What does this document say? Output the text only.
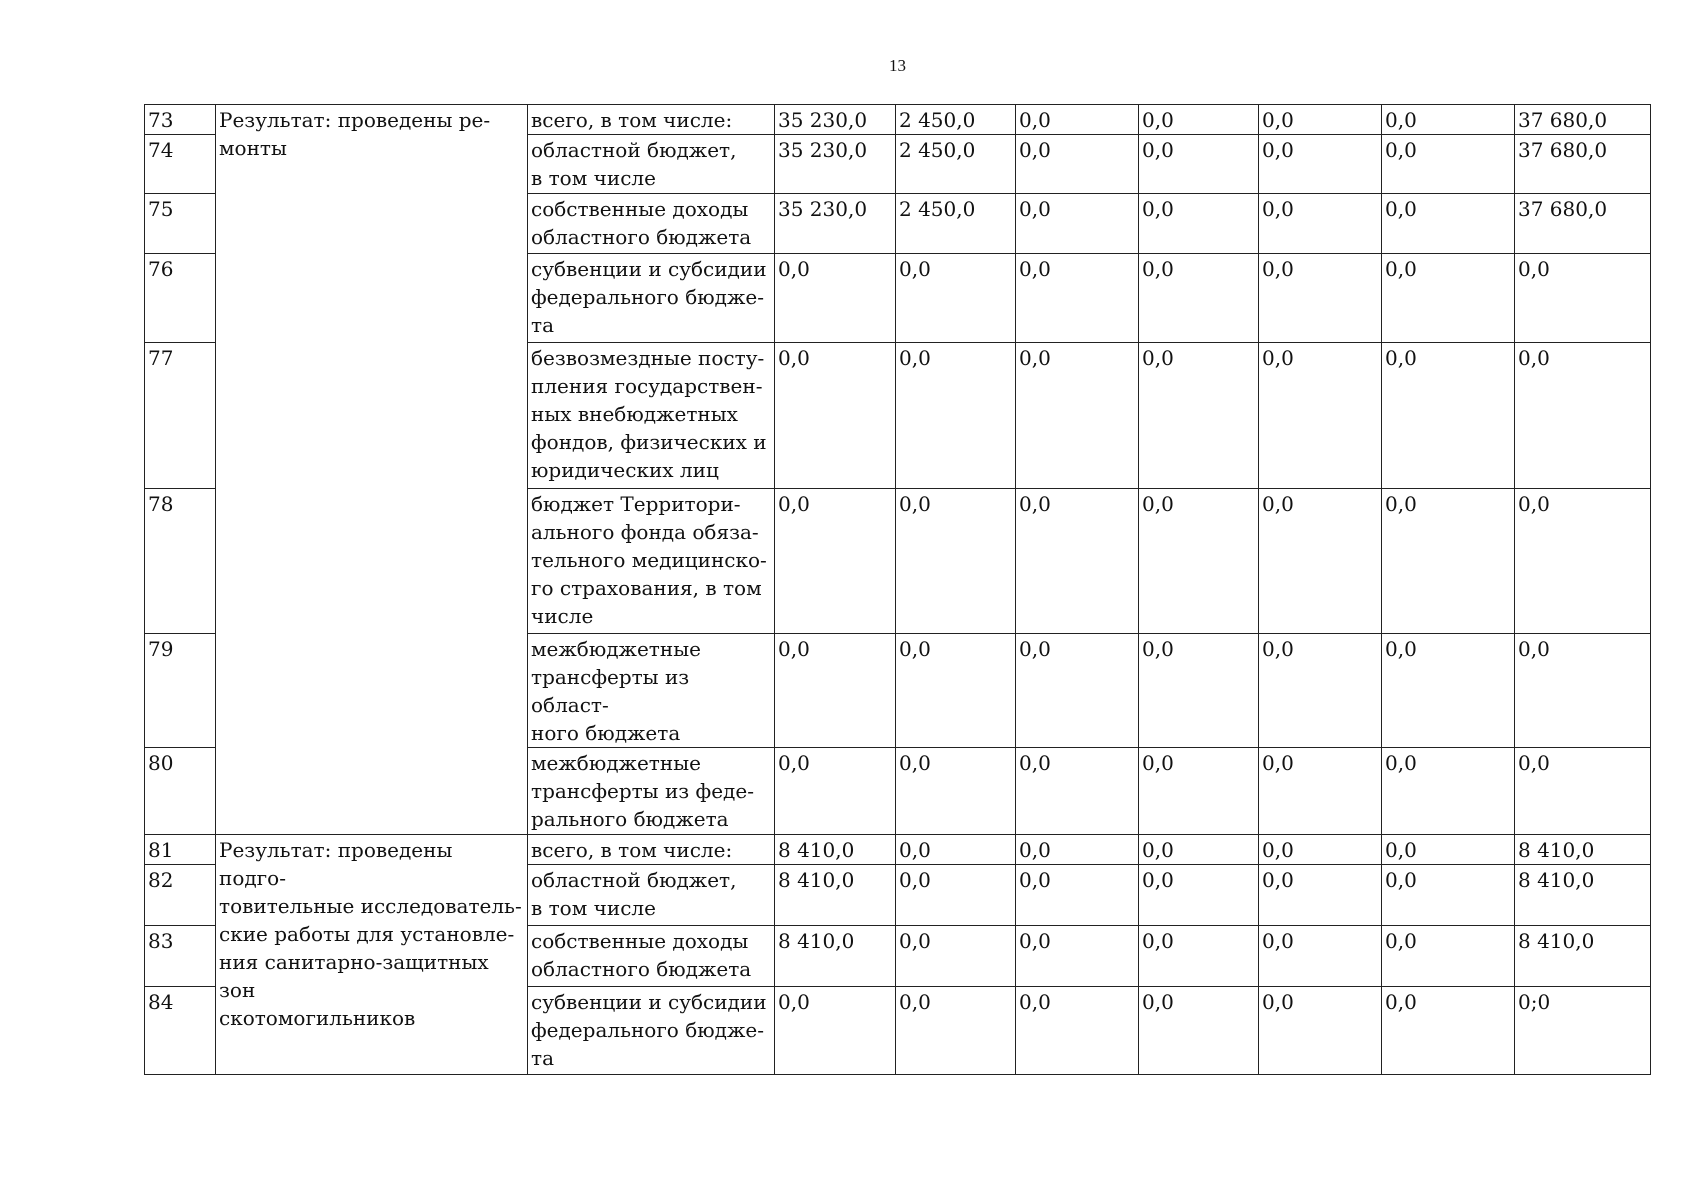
13
73	Результат: проведены ре-
монты	всего, в том числе:	35 230,0	2 450,0	0,0	0,0	0,0	0,0	37 680,0
74		областной бюджет,
в том числе	35 230,0	2 450,0	0,0	0,0	0,0	0,0	37 680,0
75		собственные доходы
областного бюджета	35 230,0	2 450,0	0,0	0,0	0,0	0,0	37 680,0
76		субвенции и субсидии
федерального бюдже-
та	0,0	0,0	0,0	0,0	0,0	0,0	0,0
77		безвозмездные посту-
пления государствен-
ных внебюджетных
фондов, физических и
юридических лиц	0,0	0,0	0,0	0,0	0,0	0,0	0,0
78		бюджет Территори-
ального фонда обяза-
тельного медицинско-
го страхования, в том
числе	0,0	0,0	0,0	0,0	0,0	0,0	0,0
79		межбюджетные
трансферты из област-
ного бюджета	0,0	0,0	0,0	0,0	0,0	0,0	0,0
80		межбюджетные
трансферты из феде-
рального бюджета	0,0	0,0	0,0	0,0	0,0	0,0	0,0
81	Результат: проведены подго-
товительные исследователь-
ские работы для установле-
ния санитарно-защитных зон
скотомогильников	всего, в том числе:	8 410,0	0,0	0,0	0,0	0,0	0,0	8 410,0
82		областной бюджет,
в том числе	8 410,0	0,0	0,0	0,0	0,0	0,0	8 410,0
83		собственные доходы
областного бюджета	8 410,0	0,0	0,0	0,0	0,0	0,0	8 410,0
84		субвенции и субсидии
федерального бюдже-
та	0,0	0,0	0,0	0,0	0,0	0,0	0;0
